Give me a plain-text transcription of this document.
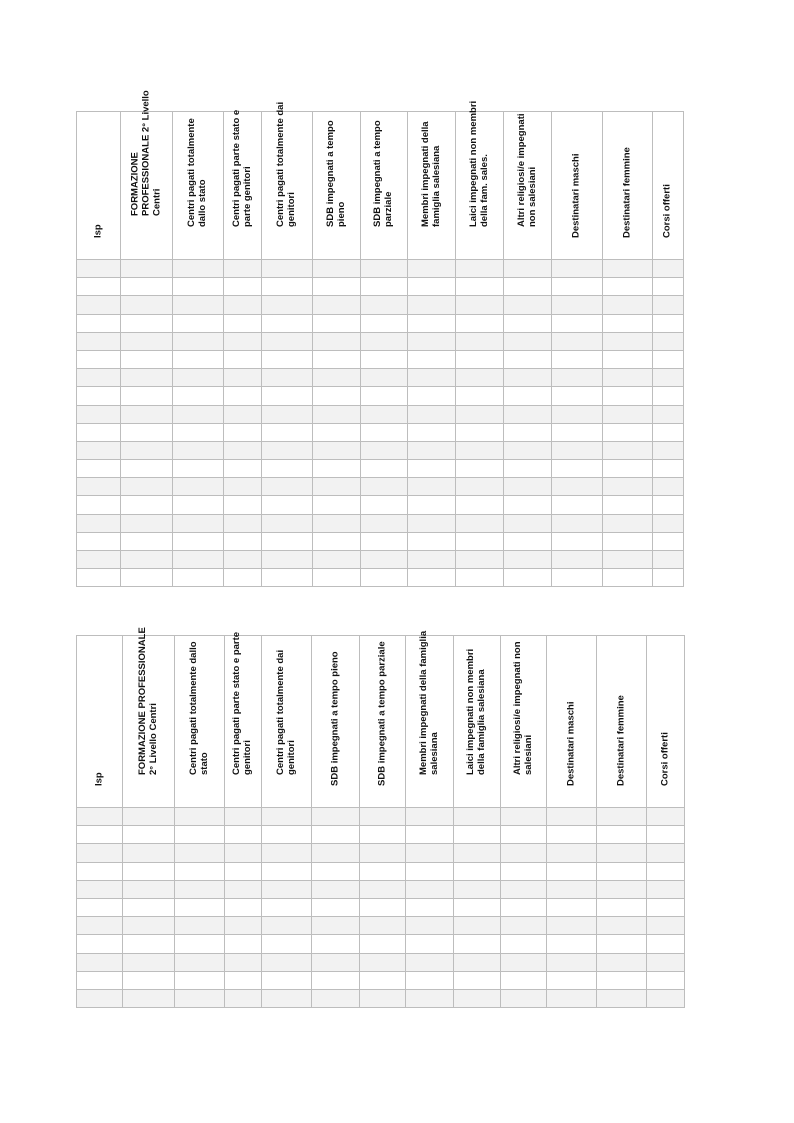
Isp	FORMAZIONE PROFESSIONALE 2° Livello Centri	Centri pagati totalmente dallo stato	Centri pagati parte stato e parte genitori	Centri pagati totalmente dai genitori	SDB impegnati a tempo pieno	SDB impegnati a tempo parziale	Membri impegnati della famiglia salesiana	Laici impegnati non membri della fam. sales.	Altri religiosi/e impegnati non salesiani	Destinatari maschi	Destinatari femmine	Corsi offerti

Isp	FORMAZIONE PROFESSIONALE 2° Livello Centri	Centri pagati totalmente dallo stato	Centri pagati parte stato e parte genitori	Centri pagati totalmente dai genitori	SDB impegnati a tempo pieno	SDB impegnati a tempo parziale	Membri impegnati della famiglia salesiana	Laici impegnati non membri della famiglia salesiana	Altri religiosi/e impegnati non salesiani	Destinatari maschi	Destinatari femmine	Corsi offerti
